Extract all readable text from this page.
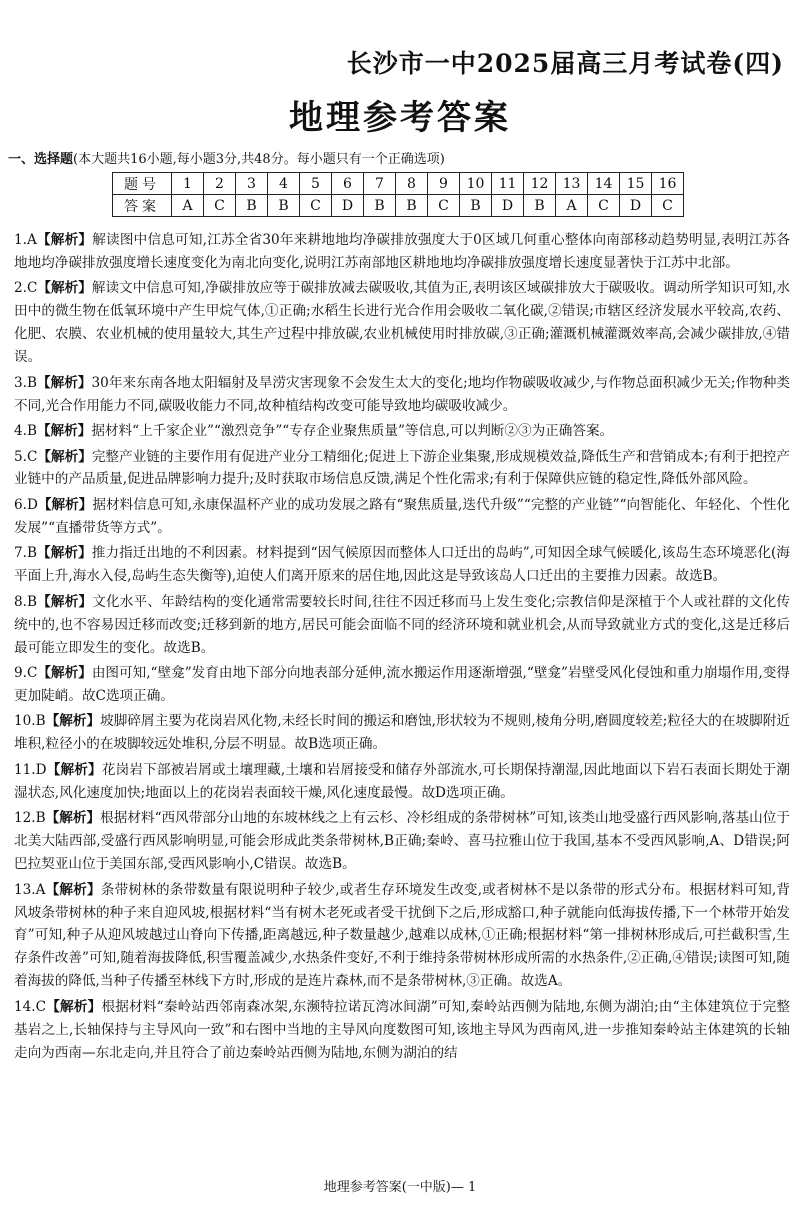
长沙市一中2025届高三月考试卷(四)
地理参考答案
一、选择题(本大题共16小题,每小题3分,共48分。每小题只有一个正确选项)
题号	1	2	3	4	5	6	7	8	9	10	11	12	13	14	15	16
答案	A	C	B	B	C	D	B	B	C	B	D	B	A	C	D	C
1.A【解析】解读图中信息可知,江苏全省30年来耕地地均净碳排放强度大于0区域几何重心整体向南部移动趋势明显,表明江苏各地地均净碳排放强度增长速度变化为南北向变化,说明江苏南部地区耕地地均净碳排放强度增长速度显著快于江苏中北部。
2.C【解析】解读文中信息可知,净碳排放应等于碳排放减去碳吸收,其值为正,表明该区域碳排放大于碳吸收。调动所学知识可知,水田中的微生物在低氧环境中产生甲烷气体,①正确;水稻生长进行光合作用会吸收二氧化碳,②错误;市辖区经济发展水平较高,农药、化肥、农膜、农业机械的使用量较大,其生产过程中排放碳,农业机械使用时排放碳,③正确;灌溉机械灌溉效率高,会减少碳排放,④错误。
3.B【解析】30年来东南各地太阳辐射及旱涝灾害现象不会发生太大的变化;地均作物碳吸收减少,与作物总面积减少无关;作物种类不同,光合作用能力不同,碳吸收能力不同,故种植结构改变可能导致地均碳吸收减少。
4.B【解析】据材料“上千家企业”“激烈竞争”“专存企业聚焦质量”等信息,可以判断②③为正确答案。
5.C【解析】完整产业链的主要作用有促进产业分工精细化;促进上下游企业集聚,形成规模效益,降低生产和营销成本;有利于把控产业链中的产品质量,促进品牌影响力提升;及时获取市场信息反馈,满足个性化需求;有利于保障供应链的稳定性,降低外部风险。
6.D【解析】据材料信息可知,永康保温杯产业的成功发展之路有“聚焦质量,迭代升级”“完整的产业链”“向智能化、年轻化、个性化发展”“直播带货等方式”。
7.B【解析】推力指迁出地的不利因素。材料提到“因气候原因而整体人口迁出的岛屿”,可知因全球气候暖化,该岛生态环境恶化(海平面上升,海水入侵,岛屿生态失衡等),迫使人们离开原来的居住地,因此这是导致该岛人口迁出的主要推力因素。故选B。
8.B【解析】文化水平、年龄结构的变化通常需要较长时间,往往不因迁移而马上发生变化;宗教信仰是深植于个人或社群的文化传统中的,也不容易因迁移而改变;迁移到新的地方,居民可能会面临不同的经济环境和就业机会,从而导致就业方式的变化,这是迁移后最可能立即发生的变化。故选B。
9.C【解析】由图可知,“壁龛”发育由地下部分向地表部分延伸,流水搬运作用逐渐增强,“壁龛”岩壁受风化侵蚀和重力崩塌作用,变得更加陡峭。故C选项正确。
10.B【解析】坡脚碎屑主要为花岗岩风化物,未经长时间的搬运和磨蚀,形状较为不规则,棱角分明,磨圆度较差;粒径大的在坡脚附近堆积,粒径小的在坡脚较远处堆积,分层不明显。故B选项正确。
11.D【解析】花岗岩下部被岩屑或土壤理藏,土壤和岩屑接受和储存外部流水,可长期保持潮湿,因此地面以下岩石表面长期处于潮湿状态,风化速度加快;地面以上的花岗岩表面较干燥,风化速度最慢。故D选项正确。
12.B【解析】根据材料“西风带部分山地的东坡林线之上有云杉、冷杉组成的条带树林”可知,该类山地受盛行西风影响,落基山位于北美大陆西部,受盛行西风影响明显,可能会形成此类条带树林,B正确;秦岭、喜马拉雅山位于我国,基本不受西风影响,A、D错误;阿巴拉契亚山位于美国东部,受西风影响小,C错误。故选B。
13.A【解析】条带树林的条带数量有限说明种子较少,或者生存环境发生改变,或者树林不是以条带的形式分布。根据材料可知,背风坡条带树林的种子来自迎风坡,根据材料“当有树木老死或者受干扰倒下之后,形成豁口,种子就能向低海拔传播,下一个林带开始发育”可知,种子从迎风坡越过山脊向下传播,距离越远,种子数量越少,越难以成林,①正确;根据材料“第一排树林形成后,可拦截积雪,生存条件改善”可知,随着海拔降低,积雪覆盖减少,水热条件变好,不利于维持条带树林形成所需的水热条件,②正确,④错误;读图可知,随着海拔的降低,当种子传播至林线下方时,形成的是连片森林,而不是条带树林,③正确。故选A。
14.C【解析】根据材料“秦岭站西邻南森冰架,东濒特拉诺瓦湾冰间湖”可知,秦岭站西侧为陆地,东侧为湖泊;由“主体建筑位于完整基岩之上,长轴保持与主导风向一致”和右图中当地的主导风向度数图可知,该地主导风为西南风,进一步推知秦岭站主体建筑的长轴走向为西南—东北走向,并且符合了前边秦岭站西侧为陆地,东侧为湖泊的结
地理参考答案(一中版)— 1
